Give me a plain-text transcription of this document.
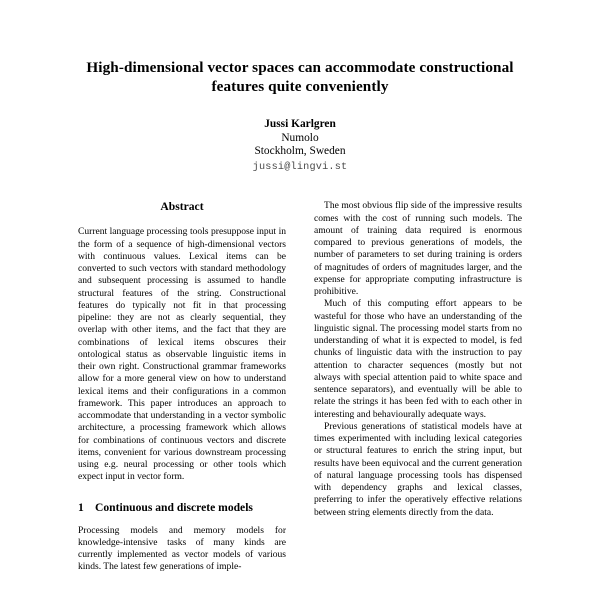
High-dimensional vector spaces can accommodate constructional features quite conveniently
Jussi Karlgren
Numolo
Stockholm, Sweden
jussi@lingvi.st
Abstract

Current language processing tools presuppose input in the form of a sequence of high-dimensional vectors with continuous values. Lexical items can be converted to such vectors with standard methodology and subsequent processing is assumed to handle structural features of the string. Constructional features do typically not fit in that processing pipeline: they are not as clearly sequential, they overlap with other items, and the fact that they are combinations of lexical items obscures their ontological status as observable linguistic items in their own right. Constructional grammar frameworks allow for a more general view on how to understand lexical items and their configurations in a common framework. This paper introduces an approach to accommodate that understanding in a vector symbolic architecture, a processing framework which allows for combinations of continuous vectors and discrete items, convenient for various downstream processing using e.g. neural processing or other tools which expect input in vector form.

1 Continuous and discrete models

Processing models and memory models for knowledge-intensive tasks of many kinds are currently implemented as vector models of various kinds. The latest few generations of imple-

The most obvious flip side of the impressive results comes with the cost of running such models. The amount of training data required is enormous compared to previous generations of models, the number of parameters to set during training is orders of magnitudes of orders of magnitudes larger, and the expense for appropriate computing infrastructure is prohibitive.

Much of this computing effort appears to be wasteful for those who have an understanding of the linguistic signal. The processing model starts from no understanding of what it is expected to model, is fed chunks of linguistic data with the instruction to pay attention to character sequences (mostly but not always with special attention paid to white space and sentence separators), and eventually will be able to relate the strings it has been fed with to each other in interesting and behaviourally adequate ways.

Previous generations of statistical models have at times experimented with including lexical categories or structural features to enrich the string input, but results have been equivocal and the current generation of natural language processing tools has dispensed with dependency graphs and lexical classes, preferring to infer the operatively effective relations between string elements directly from the data.
